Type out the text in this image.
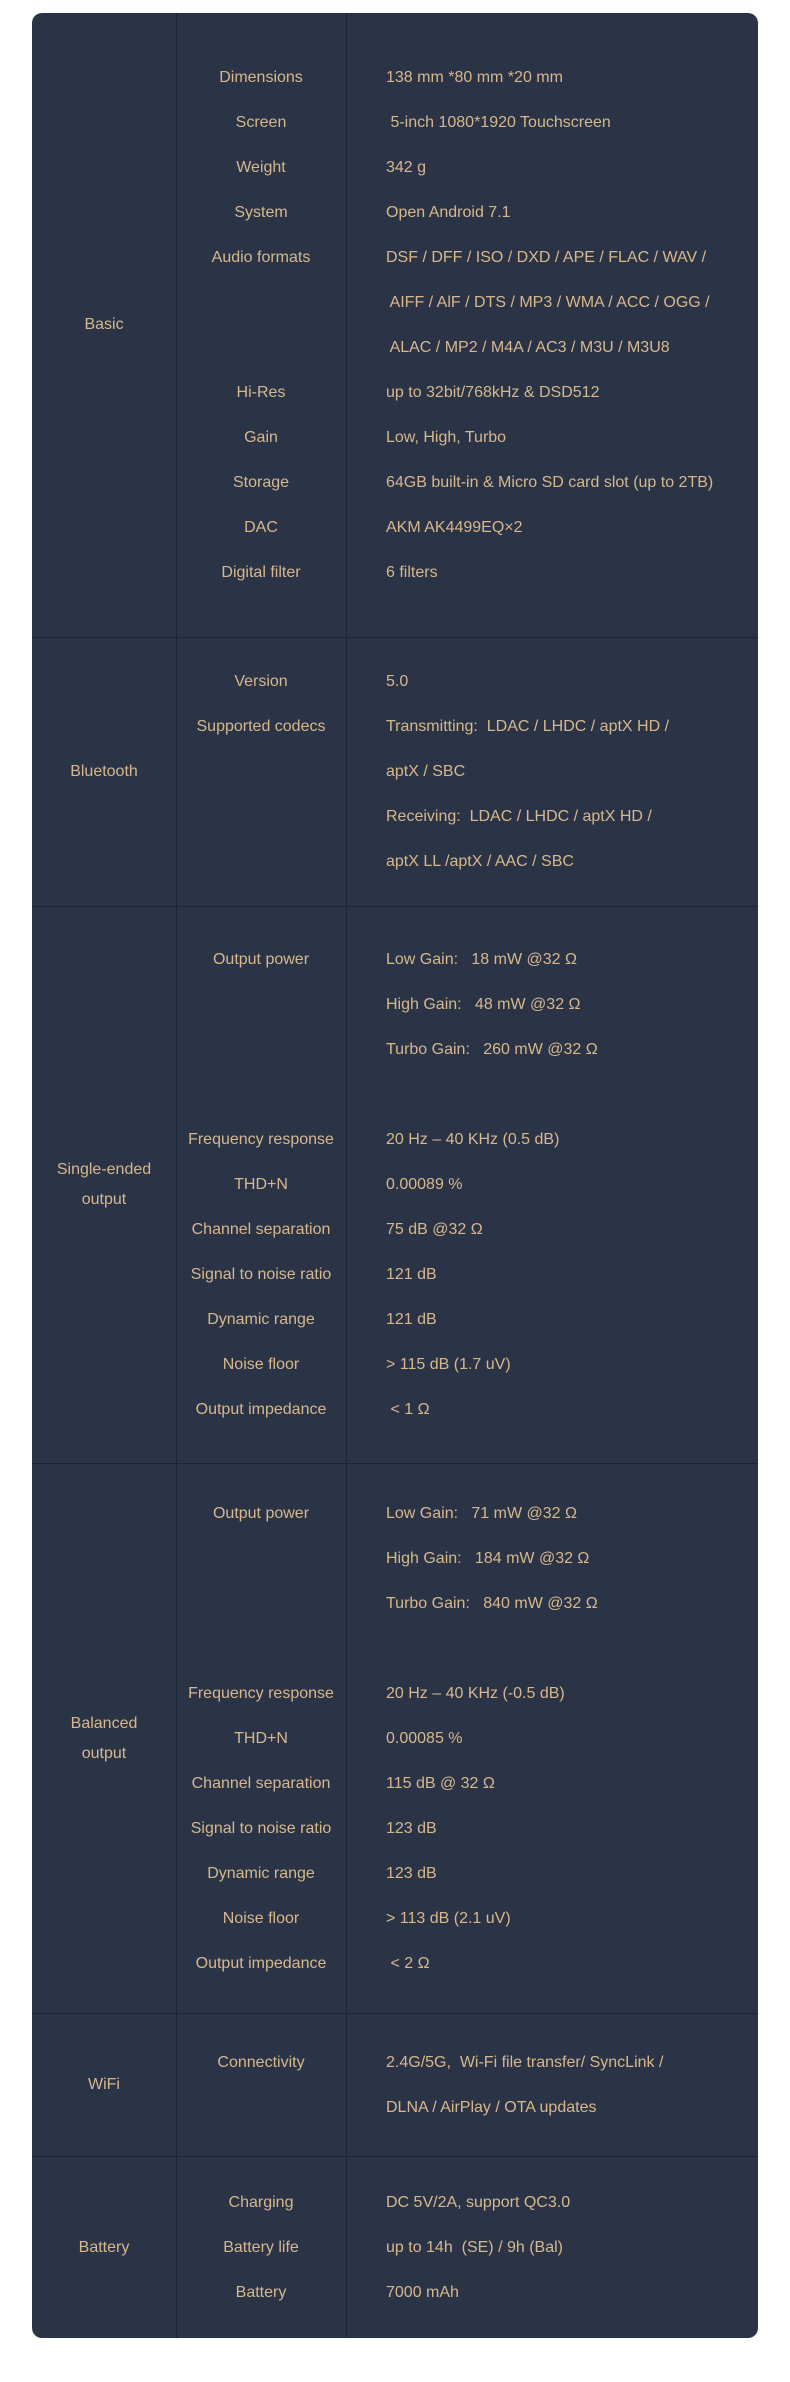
Basic
Dimensions	138 mm *80 mm *20 mm
Screen	5-inch 1080*1920 Touchscreen
Weight	342 g
System	Open Android 7.1
Audio formats	DSF / DFF / ISO / DXD / APE / FLAC / WAV /
AIFF / AlF / DTS / MP3 / WMA / ACC / OGG /
ALAC / MP2 / M4A / AC3 / M3U / M3U8
Hi-Res	up to 32bit/768kHz & DSD512
Gain	Low, High, Turbo
Storage	64GB built-in & Micro SD card slot (up to 2TB)
DAC	AKM AK4499EQ×2
Digital filter	6 filters
Bluetooth
Version	5.0
Supported codecs	Transmitting:  LDAC / LHDC / aptX HD /
aptX / SBC
Receiving:  LDAC / LHDC / aptX HD /
aptX LL /aptX / AAC / SBC
Single-ended output
Output power	Low Gain:   18 mW @32 Ω
High Gain:   48 mW @32 Ω
Turbo Gain:   260 mW @32 Ω
Frequency response	20 Hz – 40 KHz (0.5 dB)
THD+N	0.00089 %
Channel separation	75 dB @32 Ω
Signal to noise ratio	121 dB
Dynamic range	121 dB
Noise floor	> 115 dB (1.7 uV)
Output impedance	< 1 Ω
Balanced output
Output power	Low Gain:   71 mW @32 Ω
High Gain:   184 mW @32 Ω
Turbo Gain:   840 mW @32 Ω
Frequency response	20 Hz – 40 KHz (-0.5 dB)
THD+N	0.00085 %
Channel separation	115 dB @ 32 Ω
Signal to noise ratio	123 dB
Dynamic range	123 dB
Noise floor	> 113 dB (2.1 uV)
Output impedance	< 2 Ω
WiFi
Connectivity	2.4G/5G,  Wi-Fi file transfer/ SyncLink /
DLNA / AirPlay / OTA updates
Battery
Charging	DC 5V/2A, support QC3.0
Battery life	up to 14h  (SE) / 9h (Bal)
Battery	7000 mAh
